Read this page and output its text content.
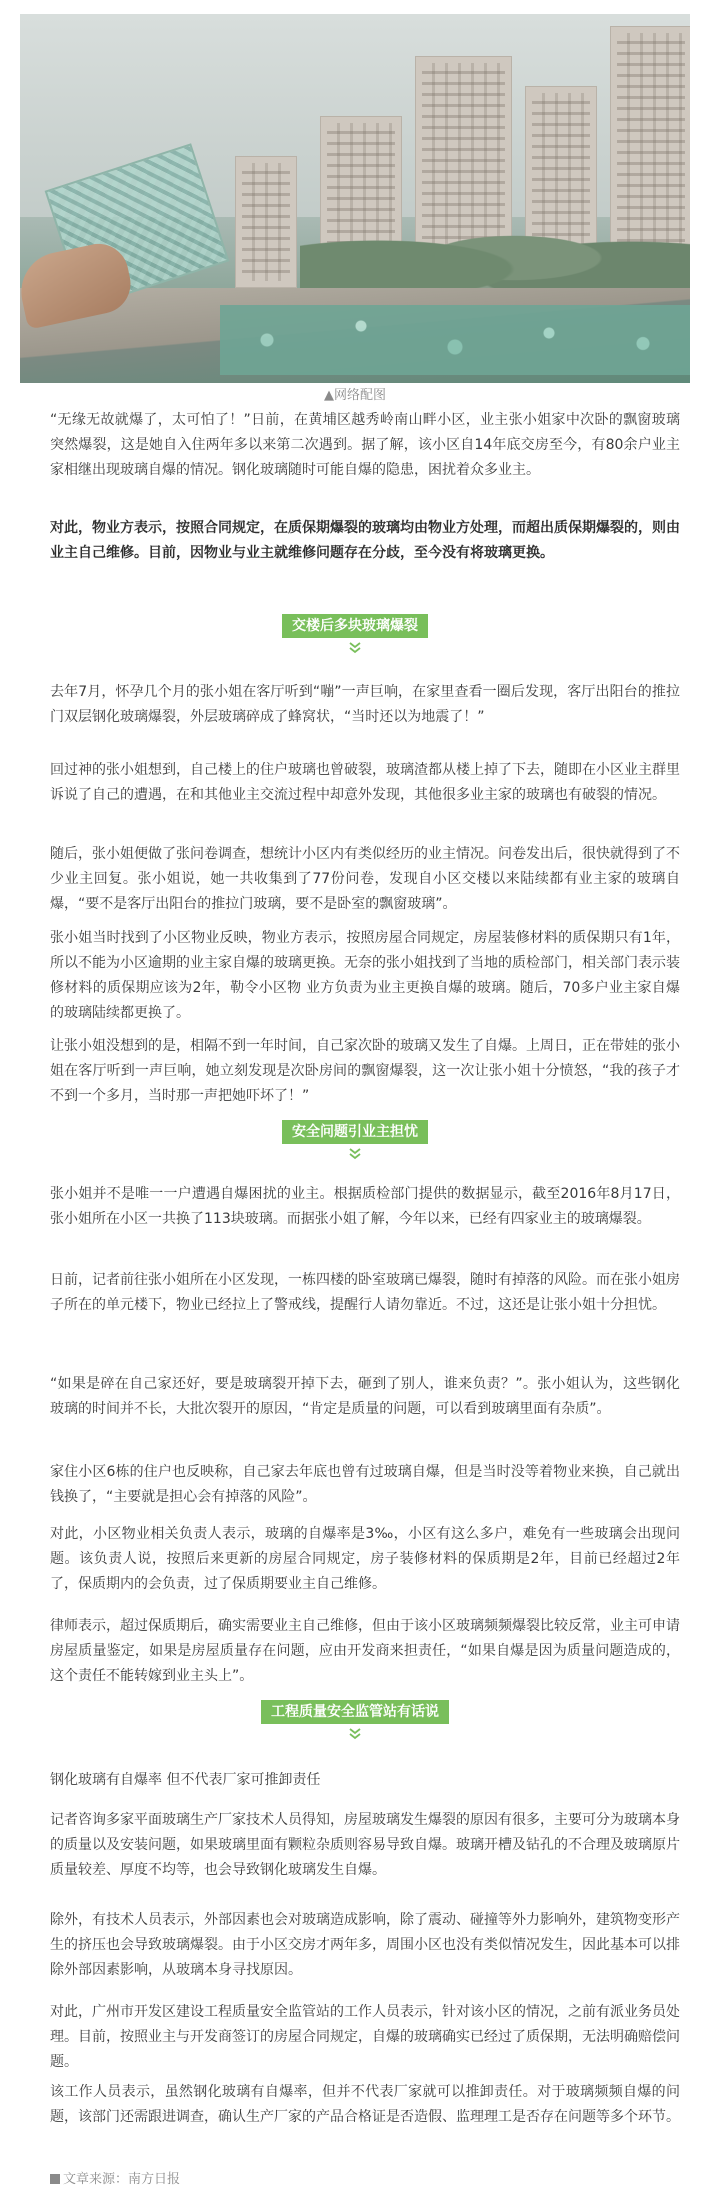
▲网络配图

“无缘无故就爆了，太可怕了！”日前，在黄埔区越秀岭南山畔小区，业主张小姐家中次卧的飘窗玻璃突然爆裂，这是她自入住两年多以来第二次遇到。据了解，该小区自14年底交房至今，有80余户业主家相继出现玻璃自爆的情况。钢化玻璃随时可能自爆的隐患，困扰着众多业主。

对此，物业方表示，按照合同规定，在质保期爆裂的玻璃均由物业方处理，而超出质保期爆裂的，则由业主自己维修。目前，因物业与业主就维修问题存在分歧，至今没有将玻璃更换。

交楼后多块玻璃爆裂

去年7月，怀孕几个月的张小姐在客厅听到“嘣”一声巨响，在家里查看一圈后发现，客厅出阳台的推拉门双层钢化玻璃爆裂，外层玻璃碎成了蜂窝状，“当时还以为地震了！”

回过神的张小姐想到，自己楼上的住户玻璃也曾破裂，玻璃渣都从楼上掉了下去，随即在小区业主群里诉说了自己的遭遇，在和其他业主交流过程中却意外发现，其他很多业主家的玻璃也有破裂的情况。

随后，张小姐便做了张问卷调查，想统计小区内有类似经历的业主情况。问卷发出后，很快就得到了不少业主回复。张小姐说，她一共收集到了77份问卷，发现自小区交楼以来陆续都有业主家的玻璃自爆，“要不是客厅出阳台的推拉门玻璃，要不是卧室的飘窗玻璃”。

张小姐当时找到了小区物业反映，物业方表示，按照房屋合同规定，房屋装修材料的质保期只有1年，所以不能为小区逾期的业主家自爆的玻璃更换。无奈的张小姐找到了当地的质检部门，相关部门表示装修材料的质保期应该为2年，勒令小区物 业方负责为业主更换自爆的玻璃。随后，70多户业主家自爆的玻璃陆续都更换了。

让张小姐没想到的是，相隔不到一年时间，自己家次卧的玻璃又发生了自爆。上周日，正在带娃的张小姐在客厅听到一声巨响，她立刻发现是次卧房间的飘窗爆裂，这一次让张小姐十分愤怒，“我的孩子才不到一个多月，当时那一声把她吓坏了！”

安全问题引业主担忧

张小姐并不是唯一一户遭遇自爆困扰的业主。根据质检部门提供的数据显示，截至2016年8月17日，张小姐所在小区一共换了113块玻璃。而据张小姐了解，今年以来，已经有四家业主的玻璃爆裂。

日前，记者前往张小姐所在小区发现，一栋四楼的卧室玻璃已爆裂，随时有掉落的风险。而在张小姐房子所在的单元楼下，物业已经拉上了警戒线，提醒行人请勿靠近。不过，这还是让张小姐十分担忧。

“如果是碎在自己家还好，要是玻璃裂开掉下去，砸到了别人，谁来负责？”。张小姐认为，这些钢化玻璃的时间并不长，大批次裂开的原因，“肯定是质量的问题，可以看到玻璃里面有杂质”。

家住小区6栋的住户也反映称，自己家去年底也曾有过玻璃自爆，但是当时没等着物业来换，自己就出钱换了，“主要就是担心会有掉落的风险”。

对此，小区物业相关负责人表示，玻璃的自爆率是3‰，小区有这么多户，难免有一些玻璃会出现问题。该负责人说，按照后来更新的房屋合同规定，房子装修材料的保质期是2年，目前已经超过2年了，保质期内的会负责，过了保质期要业主自己维修。

律师表示，超过保质期后，确实需要业主自己维修，但由于该小区玻璃频频爆裂比较反常，业主可申请房屋质量鉴定，如果是房屋质量存在问题，应由开发商来担责任，“如果自爆是因为质量问题造成的，这个责任不能转嫁到业主头上”。

工程质量安全监管站有话说

钢化玻璃有自爆率 但不代表厂家可推卸责任

记者咨询多家平面玻璃生产厂家技术人员得知，房屋玻璃发生爆裂的原因有很多，主要可分为玻璃本身的质量以及安装问题，如果玻璃里面有颗粒杂质则容易导致自爆。玻璃开槽及钻孔的不合理及玻璃原片质量较差、厚度不均等，也会导致钢化玻璃发生自爆。

除外，有技术人员表示，外部因素也会对玻璃造成影响，除了震动、碰撞等外力影响外，建筑物变形产生的挤压也会导致玻璃爆裂。由于小区交房才两年多，周围小区也没有类似情况发生，因此基本可以排除外部因素影响，从玻璃本身寻找原因。

对此，广州市开发区建设工程质量安全监管站的工作人员表示，针对该小区的情况，之前有派业务员处理。目前，按照业主与开发商签订的房屋合同规定，自爆的玻璃确实已经过了质保期，无法明确赔偿问题。

该工作人员表示，虽然钢化玻璃有自爆率，但并不代表厂家就可以推卸责任。对于玻璃频频自爆的问题，该部门还需跟进调查，确认生产厂家的产品合格证是否造假、监理理工是否存在问题等多个环节。

文章来源：南方日报
